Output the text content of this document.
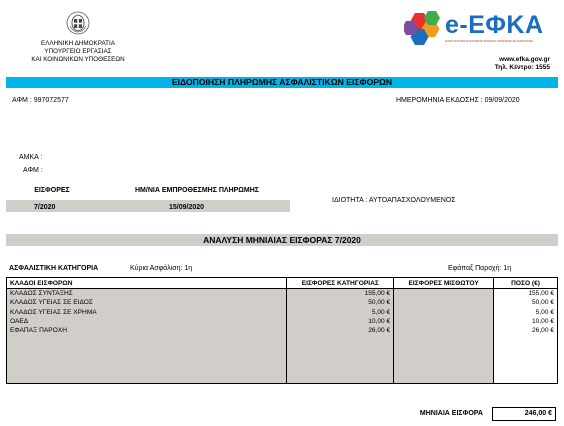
ΕΛΛΗΝΙΚΗ ΔΗΜΟΚΡΑΤΙΑ
ΥΠΟΥΡΓΕΙΟ ΕΡΓΑΣΙΑΣ
ΚΑΙ ΚΟΙΝΩΝΙΚΩΝ ΥΠΟΘΕΣΕΩΝ
e-ΕΦΚΑ
ΗΛΕΚΤΡΟΝΙΚΟΣ ΕΘΝΙΚΟΣ ΦΟΡΕΑΣ ΚΟΙΝΩΝΙΚΗΣ ΑΣΦΑΛΙΣΗΣ
www.efka.gov.gr
Τηλ. Κέντρο: 1555
ΕΙΔΟΠΟΙΗΣΗ ΠΛΗΡΩΜΗΣ ΑΣΦΑΛΙΣΤΙΚΩΝ ΕΙΣΦΟΡΩΝ
ΑΦΜ : 997072577	ΗΜΕΡΟΜΗΝΙΑ ΕΚΔΟΣΗΣ : 09/09/2020
ΑΜΚΑ :
ΑΦΜ :
ΕΙΣΦΟΡΕΣ	ΗΜ/ΝΙΑ ΕΜΠΡΟΘΕΣΜΗΣ ΠΛΗΡΩΜΗΣ
7/2020	15/09/2020
ΙΔΙΟΤΗΤΑ : ΑΥΤΟΑΠΑΣΧΟΛΟΥΜΕΝΟΣ
ΑΝΑΛΥΣΗ ΜΗΝΙΑΙΑΣ ΕΙΣΦΟΡΑΣ 7/2020
ΑΣΦΑΛΙΣΤΙΚΗ ΚΑΤΗΓΟΡΙΑ	Κύρια Ασφάλιση: 1η	Εφάπαξ Παροχή: 1η
ΚΛΑΔΟΙ ΕΙΣΦΟΡΩΝ	ΕΙΣΦΟΡΕΣ ΚΑΤΗΓΟΡΙΑΣ	ΕΙΣΦΟΡΕΣ ΜΙΣΘΩΤΟΥ	ΠΟΣΟ (€)
ΚΛΑΔΟΣ ΣΥΝΤΑΞΗΣ	155,00 €		155,00 €
ΚΛΑΔΟΣ ΥΓΕΙΑΣ ΣΕ ΕΙΔΟΣ	50,00 €		50,00 €
ΚΛΑΔΟΣ ΥΓΕΙΑΣ ΣΕ ΧΡΗΜΑ	5,00 €		5,00 €
ΟΑΕΔ	10,00 €		10,00 €
ΕΦΑΠΑΞ ΠΑΡΟΧΗ	26,00 €		26,00 €

ΜΗΝΙΑΙΑ ΕΙΣΦΟΡΑ	246,00 €
